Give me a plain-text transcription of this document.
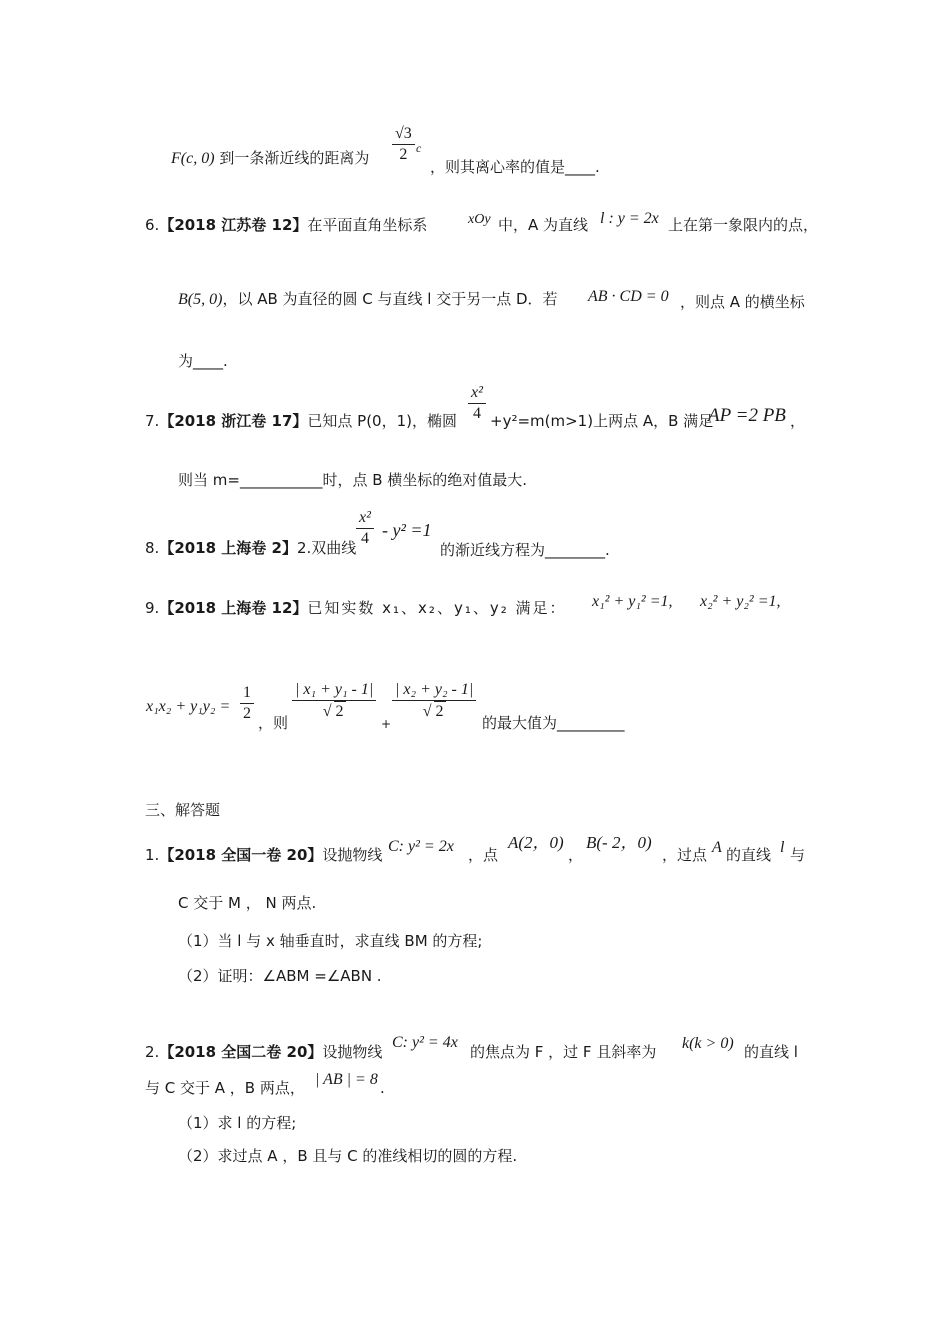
F(c, 0) 到一条渐近线的距离为 $\frac{√3}{2}$ c
，则其离心率的值是____.
6.【2018 江苏卷 12】在平面直角坐标系	xOy 中，A 为直线 l : y = 2x 上在第一象限内的点，
B(5, 0)，以 AB 为直径的圆 C 与直线 l 交于另一点 D．若 AB · CD = 0 ，则点 A 的横坐标
为____.
7.【2018 浙江卷 17】已知点 P(0，1)，椭圆 $\frac{\text{x²}}{4} +y^2=m(m>1)$上两点 A，B 满足
AP =2 PB ，
则当 m=___________时，点 B 横坐标的绝对值最大.
8.【2018 上海卷 2】2.双曲线 $\frac{\text{x²}}{4} - y^2 =1$
的渐近线方程为________.
9.【2018 上海卷 12】已知实数 x₁、x₂、y₁、y₂ 满足： x₁² + y₁² =1, x₂² + y₂² =1,
$x_1x_2 + y_1y_2 = \frac{1}{2}$ ，则
$\frac{\text{| x₁ + y₁ - 1|}}{√ 2}$
+
$\frac{\text{| x₂ + y₂ - 1|}}{√ 2}$
的最大值为_________
三、解答题
1.【2018 全国一卷 20】设抛物线 C: y² = 2x ，点
A(2，0)
，
B(- 2，0)
，过点 A 的直线 l 与
C 交于 M ， N 两点.
（1）当 l 与 x 轴垂直时，求直线 BM 的方程;
（2）证明：∠ABM =∠ABN .
2.【2018 全国二卷 20】设抛物线
C: y² = 4x
的焦点为 F ，过 F 且斜率为 k(k > 0) 的直线 l
与 C 交于 A ，B 两点， | AB | = 8 .
（1）求 l 的方程;
（2）求过点 A ，B 且与 C 的准线相切的圆的方程.
